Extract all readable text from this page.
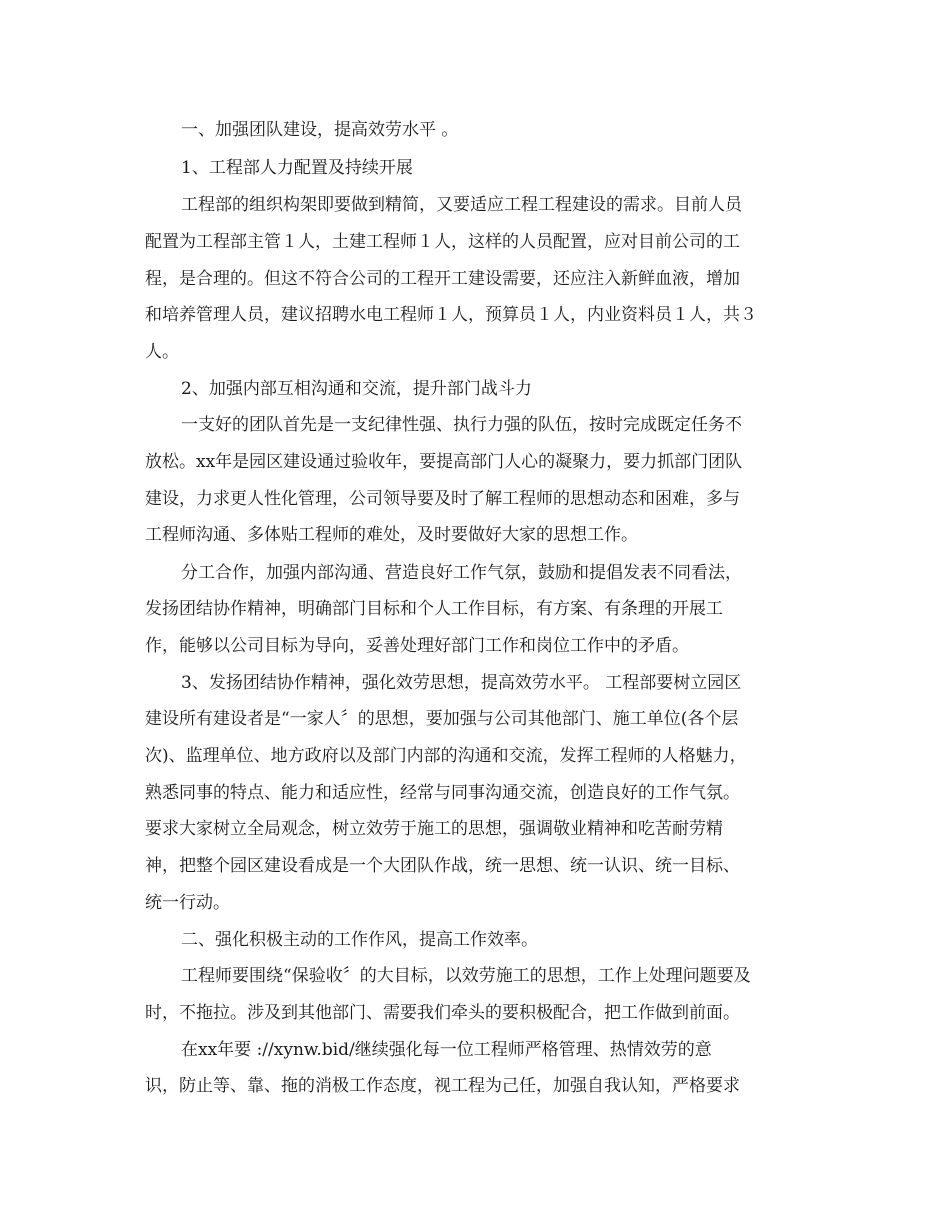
一、加强团队建设，提高效劳水平 。
1、工程部人力配置及持续开展
工程部的组织构架即要做到精简，又要适应工程工程建设的需求。目前人员
配置为工程部主管１人，土建工程师１人，这样的人员配置，应对目前公司的工
程，是合理的。但这不符合公司的工程开工建设需要，还应注入新鲜血液，增加
和培养管理人员，建议招聘水电工程师１人，预算员１人，内业资料员１人，共３
人。
2、加强内部互相沟通和交流，提升部门战斗力
一支好的团队首先是一支纪律性强、执行力强的队伍，按时完成既定任务不
放松。xx年是园区建设通过验收年，要提高部门人心的凝聚力，要力抓部门团队
建设，力求更人性化管理，公司领导要及时了解工程师的思想动态和困难，多与
工程师沟通、多体贴工程师的难处，及时要做好大家的思想工作。
分工合作，加强内部沟通、营造良好工作气氛，鼓励和提倡发表不同看法，
发扬团结协作精神，明确部门目标和个人工作目标，有方案、有条理的开展工
作，能够以公司目标为导向，妥善处理好部门工作和岗位工作中的矛盾。
3、发扬团结协作精神，强化效劳思想，提高效劳水平。 工程部要树立园区
建设所有建设者是“一家人〞的思想，要加强与公司其他部门、施工单位(各个层
次)、监理单位、地方政府以及部门内部的沟通和交流，发挥工程师的人格魅力，
熟悉同事的特点、能力和适应性，经常与同事沟通交流，创造良好的工作气氛。
要求大家树立全局观念，树立效劳于施工的思想，强调敬业精神和吃苦耐劳精
神，把整个园区建设看成是一个大团队作战，统一思想、统一认识、统一目标、
统一行动。
二、强化积极主动的工作作风，提高工作效率。
工程师要围绕“保验收〞的大目标，以效劳施工的思想，工作上处理问题要及
时，不拖拉。涉及到其他部门、需要我们牵头的要积极配合，把工作做到前面。
在xx年要 ://xynw.bid/继续强化每一位工程师严格管理、热情效劳的意
识，防止等、靠、拖的消极工作态度，视工程为己任，加强自我认知，严格要求
